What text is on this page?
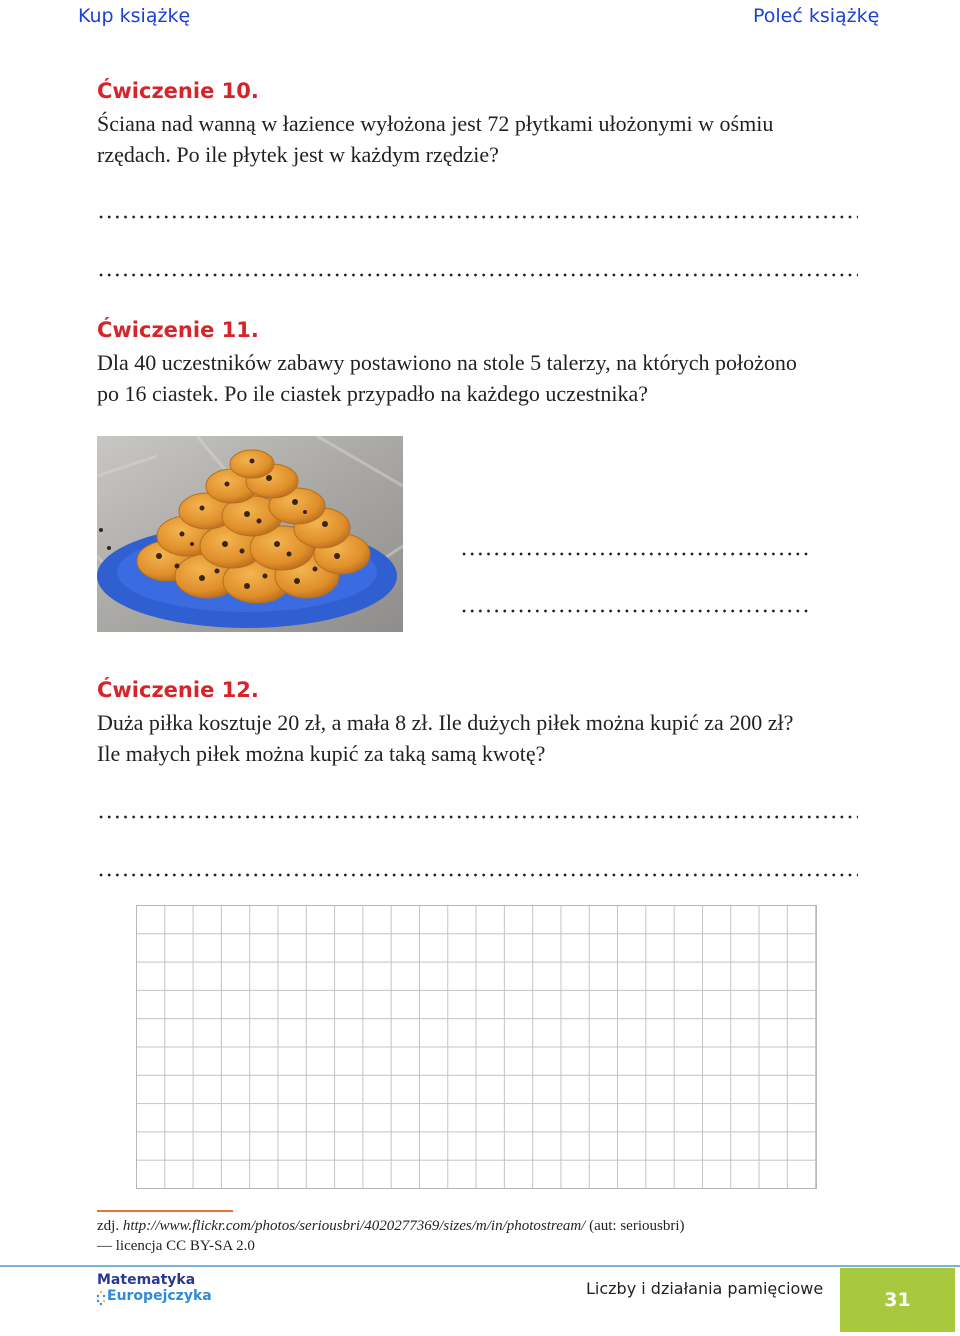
Kup książkę	Poleć książkę
Ćwiczenie 10.
Ściana nad wanną w łazience wyłożona jest 72 płytkami ułożonymi w ośmiu
rzędach. Po ile płytek jest w każdym rzędzie?
Ćwiczenie 11.
Dla 40 uczestników zabawy postawiono na stole 5 talerzy, na których położono
po 16 ciastek. Po ile ciastek przypadło na każdego uczestnika?
Ćwiczenie 12.
Duża piłka kosztuje 20 zł, a mała 8 zł. Ile dużych piłek można kupić za 200 zł?
Ile małych piłek można kupić za taką samą kwotę?
zdj. http://www.flickr.com/photos/seriousbri/4020277369/sizes/m/in/photostream/ (aut: seriousbri)
— licencja CC BY-SA 2.0
Matematyka
Europejczyka	Liczby i działania pamięciowe
31
